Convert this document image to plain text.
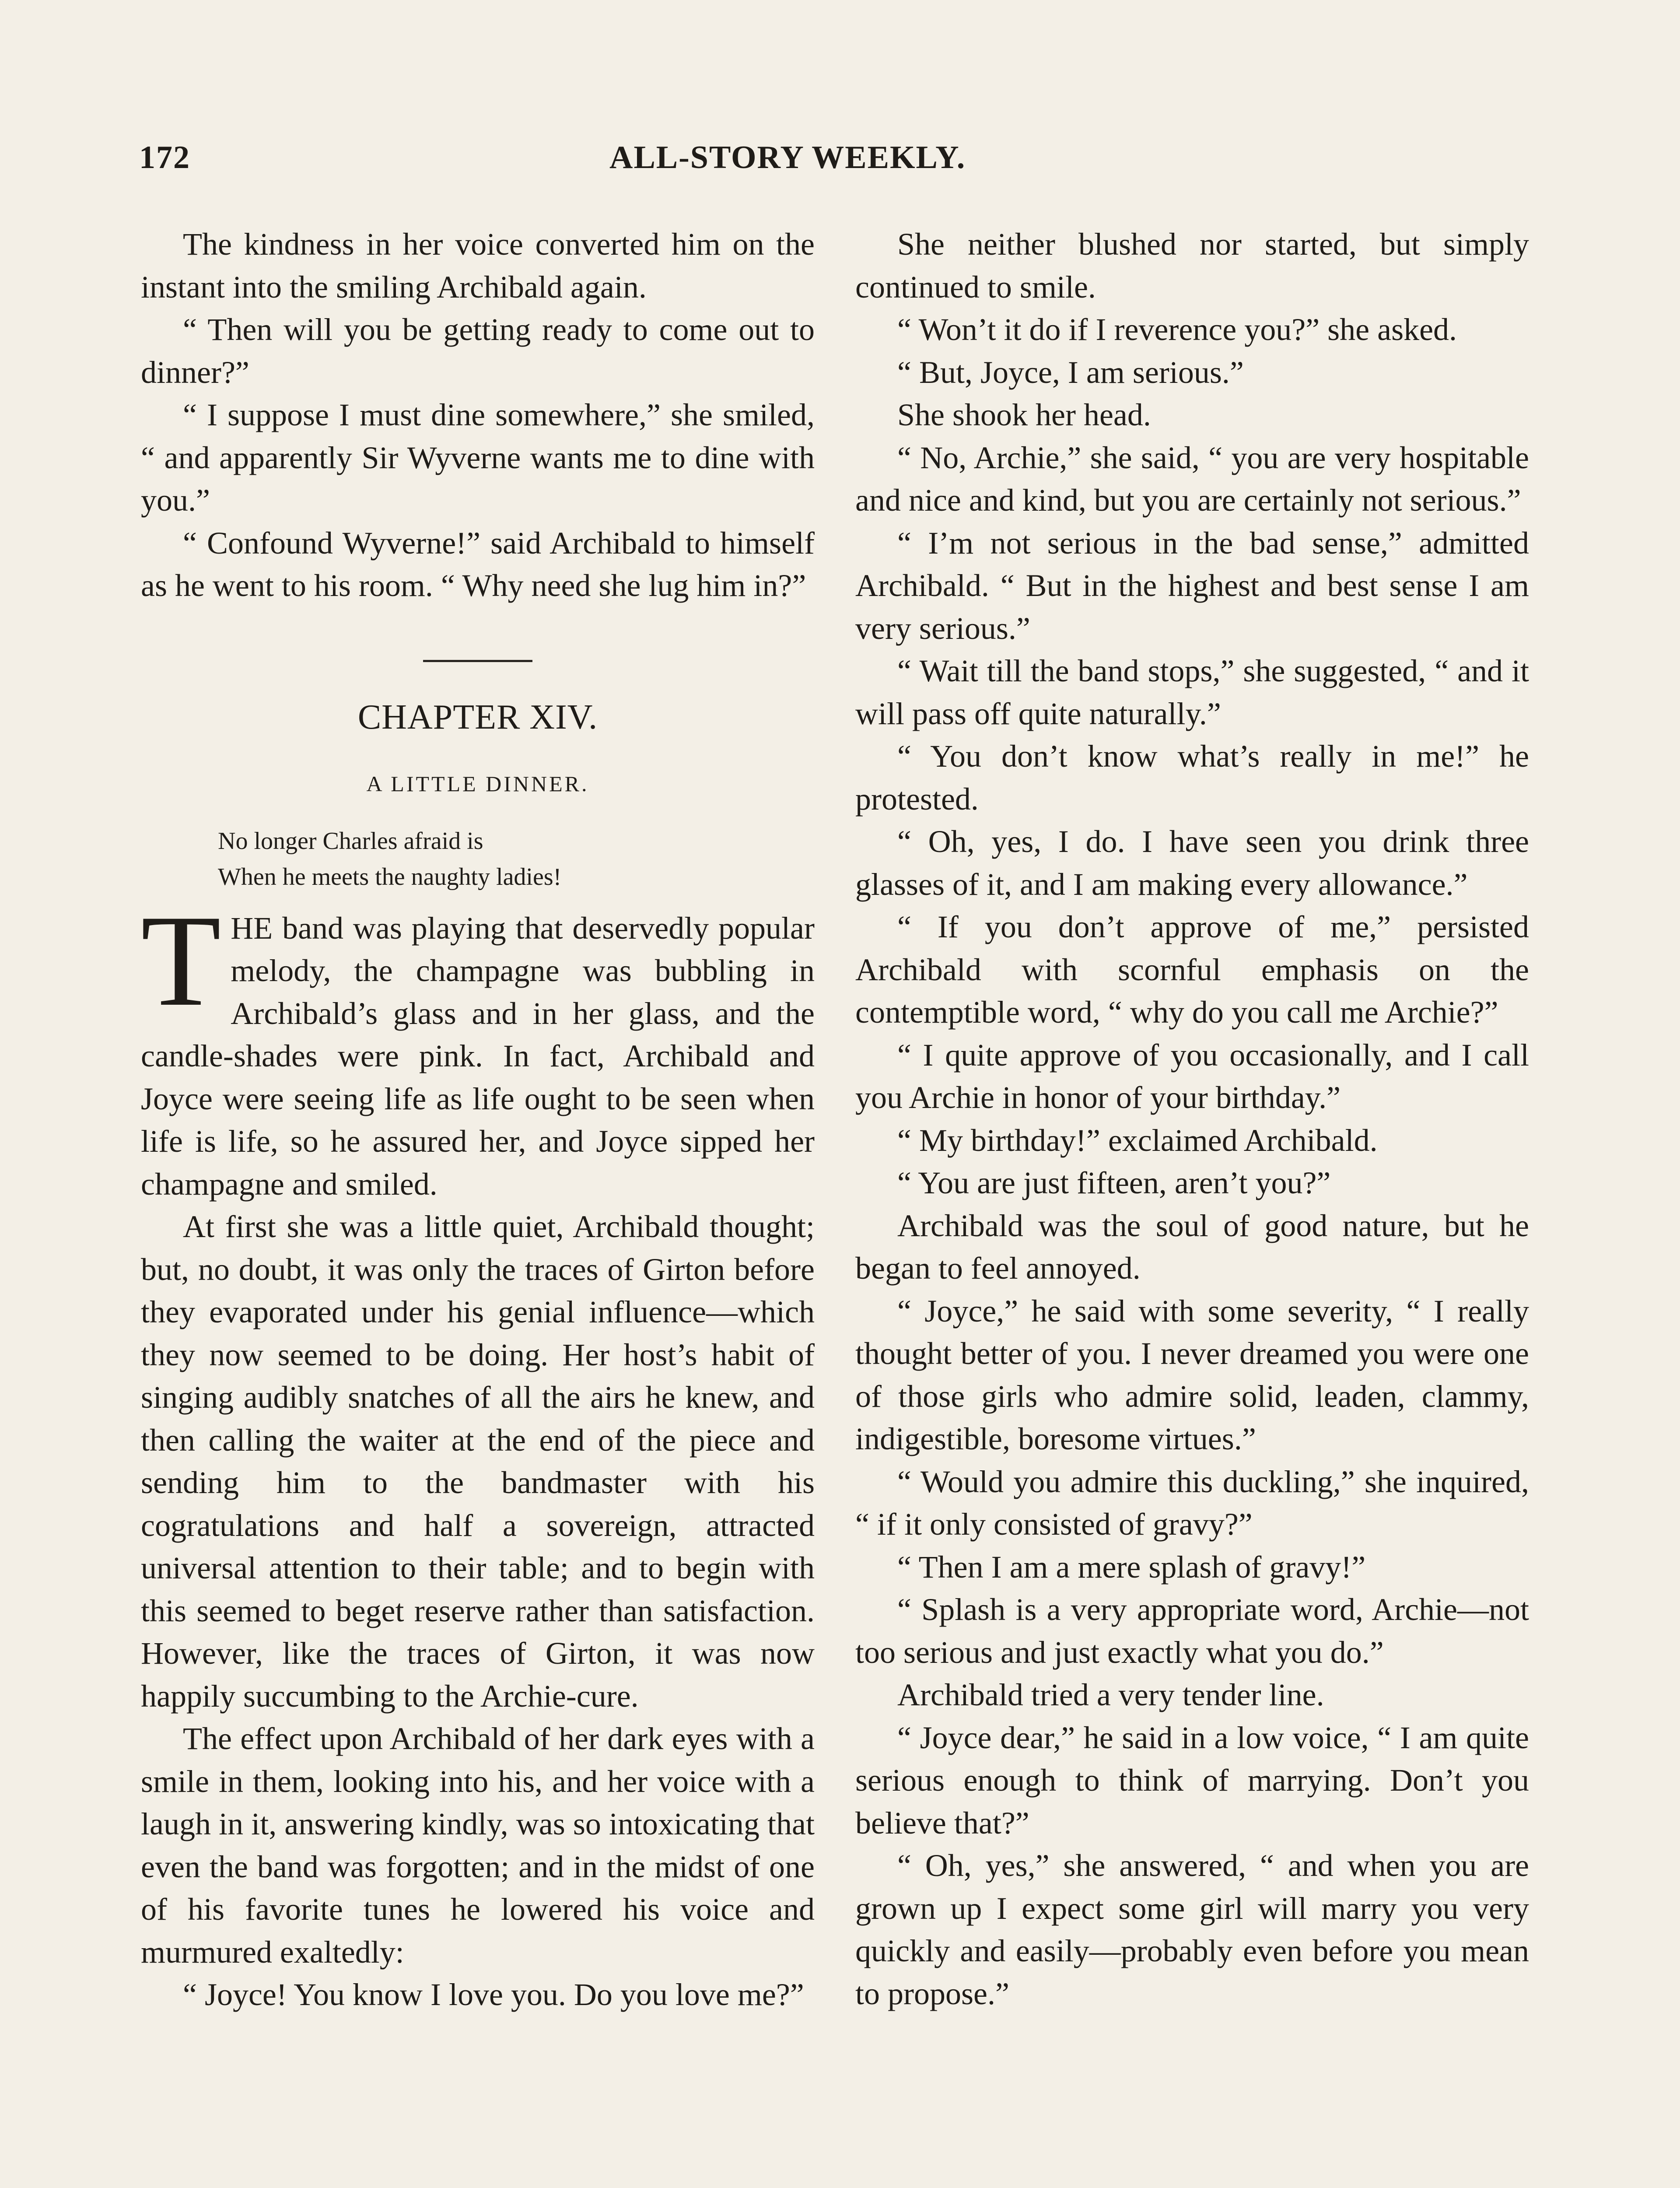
172	ALL-STORY WEEKLY.

The kindness in her voice converted him on the instant into the smiling Archibald again.

“ Then will you be getting ready to come out to dinner?”

“ I suppose I must dine somewhere,” she smiled, “ and apparently Sir Wyverne wants me to dine with you.”

“ Confound Wyverne!” said Archibald to himself as he went to his room. “ Why need she lug him in?”

CHAPTER XIV.
A LITTLE DINNER.
No longer Charles afraid is
When he meets the naughty ladies!

THE band was playing that deservedly popular melody, the champagne was bubbling in Archibald’s glass and in her glass, and the candle-shades were pink. In fact, Archibald and Joyce were seeing life as life ought to be seen when life is life, so he assured her, and Joyce sipped her champagne and smiled.

At first she was a little quiet, Archibald thought; but, no doubt, it was only the traces of Girton before they evaporated under his genial influence—which they now seemed to be doing. Her host’s habit of singing audibly snatches of all the airs he knew, and then calling the waiter at the end of the piece and sending him to the bandmaster with his cogratulations and half a sovereign, attracted universal attention to their table; and to begin with this seemed to beget reserve rather than satisfaction. However, like the traces of Girton, it was now happily succumbing to the Archie-cure.

The effect upon Archibald of her dark eyes with a smile in them, looking into his, and her voice with a laugh in it, answering kindly, was so intoxicating that even the band was forgotten; and in the midst of one of his favorite tunes he lowered his voice and murmured exaltedly:

“ Joyce! You know I love you. Do you love me?”

She neither blushed nor started, but simply continued to smile.

“ Won’t it do if I reverence you?” she asked.

“ But, Joyce, I am serious.”

She shook her head.

“ No, Archie,” she said, “ you are very hospitable and nice and kind, but you are certainly not serious.”

“ I’m not serious in the bad sense,” admitted Archibald. “ But in the highest and best sense I am very serious.”

“ Wait till the band stops,” she suggested, “ and it will pass off quite naturally.”

“ You don’t know what’s really in me!” he protested.

“ Oh, yes, I do. I have seen you drink three glasses of it, and I am making every allowance.”

“ If you don’t approve of me,” persisted Archibald with scornful emphasis on the contemptible word, “ why do you call me Archie?”

“ I quite approve of you occasionally, and I call you Archie in honor of your birthday.”

“ My birthday!” exclaimed Archibald.

“ You are just fifteen, aren’t you?”

Archibald was the soul of good nature, but he began to feel annoyed.

“ Joyce,” he said with some severity, “ I really thought better of you. I never dreamed you were one of those girls who admire solid, leaden, clammy, indigestible, boresome virtues.”

“ Would you admire this duckling,” she inquired, “ if it only consisted of gravy?”

“ Then I am a mere splash of gravy!”

“ Splash is a very appropriate word, Archie—not too serious and just exactly what you do.”

Archibald tried a very tender line.

“ Joyce dear,” he said in a low voice, “ I am quite serious enough to think of marrying. Don’t you believe that?”

“ Oh, yes,” she answered, “ and when you are grown up I expect some girl will marry you very quickly and easily—probably even before you mean to propose.”
